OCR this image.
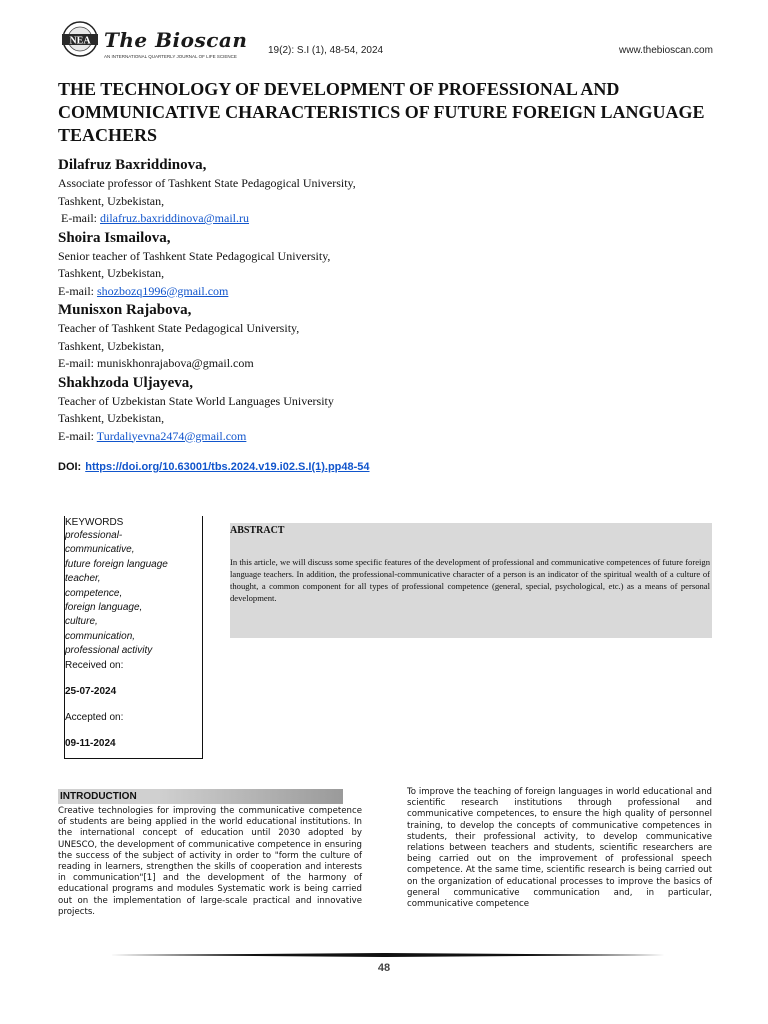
NEA The Bioscan
AN INTERNATIONAL QUARTERLY JOURNAL OF LIFE SCIENCE
19(2): S.I (1), 48-54, 2024	www.thebioscan.com
THE TECHNOLOGY OF DEVELOPMENT OF PROFESSIONAL AND COMMUNICATIVE CHARACTERISTICS OF FUTURE FOREIGN LANGUAGE TEACHERS
Dilafruz Baxriddinova,
Associate professor of Tashkent State Pedagogical University,
Tashkent, Uzbekistan,
E-mail: dilafruz.baxriddinova@mail.ru
Shoira Ismailova,
Senior teacher of Tashkent State Pedagogical University,
Tashkent, Uzbekistan,
E-mail: shozbozq1996@gmail.com
Munisxon Rajabova,
Teacher of Tashkent State Pedagogical University,
Tashkent, Uzbekistan,
E-mail: muniskhonrajabova@gmail.com
Shakhzoda Uljayeva,
Teacher of Uzbekistan State World Languages University
Tashkent, Uzbekistan,
E-mail: Turdaliyevna2474@gmail.com
DOI: https://doi.org/10.63001/tbs.2024.v19.i02.S.I(1).pp48-54
KEYWORDS
professional-
communicative,
future foreign language
teacher,
competence,
foreign language,
culture,
communication,
professional activity
Received on:
25-07-2024
Accepted on:
09-11-2024
ABSTRACT
In this article, we will discuss some specific features of the development of professional and communicative competences of future foreign language teachers. In addition, the professional-communicative character of a person is an indicator of the spiritual wealth of a culture of thought, a common component for all types of professional competence (general, special, psychological, etc.) as a means of personal development.
INTRODUCTION
Creative technologies for improving the communicative competence of students are being applied in the world educational institutions. In the international concept of education until 2030 adopted by UNESCO, the development of communicative competence in ensuring the success of the subject of activity in order to "form the culture of reading in learners, strengthen the skills of cooperation and interests in communication"[1] and the development of the harmony of educational programs and modules Systematic work is being carried out on the implementation of large-scale practical and innovative projects.
To improve the teaching of foreign languages in world educational and scientific research institutions through professional and communicative competences, to ensure the high quality of personnel training, to develop the concepts of communicative competences in students, their professional activity, to develop communicative relations between teachers and students, scientific researchers are being carried out on the improvement of professional speech competence. At the same time, scientific research is being carried out on the organization of educational processes to improve the basics of general communicative communication and, in particular, communicative competence
48
